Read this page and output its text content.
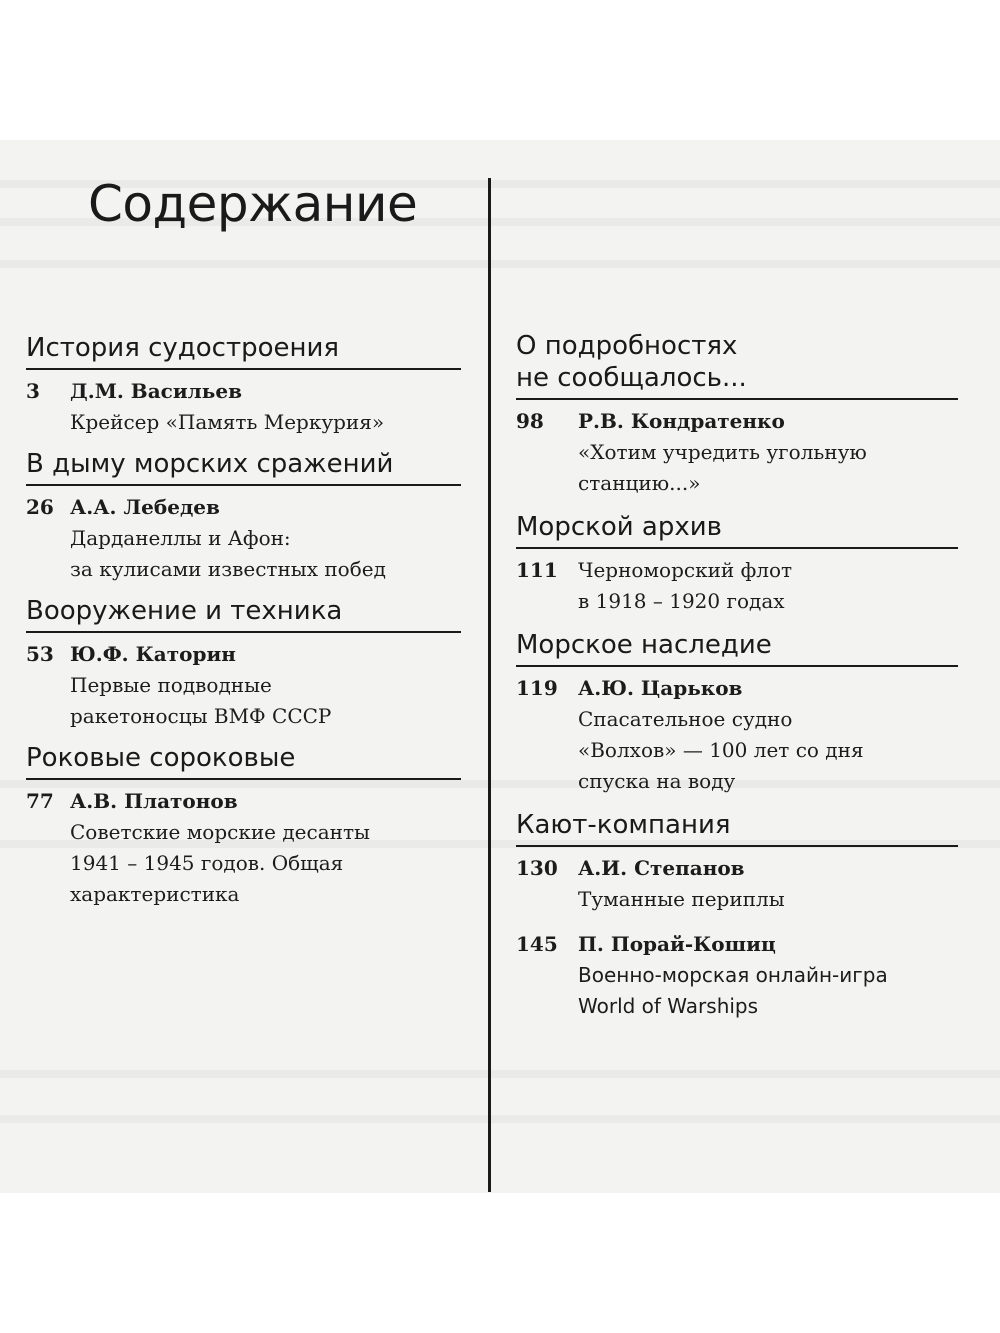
Содержание
История судостроения
3	Д.М. Васильев

Крейсер «Память Меркурия»

В дыму морских сражений
26 А.А. Лебедев

Дарданеллы и Афон:
за кулисами известных побед

Вооружение и техника
53 Ю.Ф. Каторин

Первые подводные
ракетоносцы ВМФ СССР

Роковые сороковые
77 А.В. Платонов

Советские морские десанты
1941 – 1945 годов. Общая
характеристика

О подробностях
не сообщалось...
98	Р.В. Кондратенко

«Хотим учредить угольную
станцию...»

Морской архив
111	Черноморский флот
в 1918 – 1920 годах

Морское наследие
119	А.Ю. Царьков

Спасательное судно
«Волхов» — 100 лет со дня
спуска на воду

Кают-компания
130	А.И. Степанов

Туманные периплы

145	П. Порай-Кошиц

Военно-морская онлайн-игра
World of Warships
